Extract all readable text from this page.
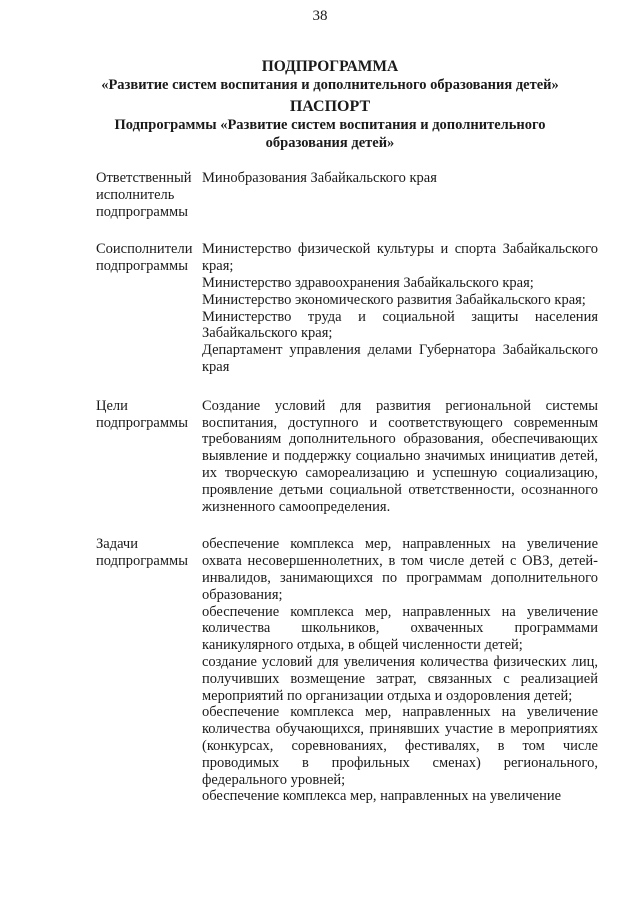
38
ПОДПРОГРАММА
«Развитие систем воспитания и дополнительного образования детей»
ПАСПОРТ
Подпрограммы «Развитие систем воспитания и дополнительного
образования детей»
Ответственный
исполнитель
подпрограммы

Минобразования Забайкальского края

Соисполнители
подпрограммы

Министерство физической культуры и спорта Забайкальского края;

Министерство здравоохранения Забайкальского края;

Министерство экономического развития Забайкальского края;

Министерство труда и социальной защиты населения Забайкальского края;

Департамент управления делами Губернатора Забайкальского края

Цели
подпрограммы

Создание условий для развития региональной системы воспитания, доступного и соответствующего современным требованиям дополнительного образования, обеспечивающих выявление и поддержку социально значимых инициатив детей, их творческую самореализацию и успешную социализацию, проявление детьми социальной ответственности, осознанного жизненного самоопределения.

Задачи
подпрограммы

обеспечение комплекса мер, направленных на увеличение охвата несовершеннолетних, в том числе детей с ОВЗ, детей-инвалидов, занимающихся по программам дополнительного образования;

обеспечение комплекса мер, направленных на увеличение количества школьников, охваченных программами каникулярного отдыха, в общей численности детей;

создание условий для увеличения количества физических лиц, получивших возмещение затрат, связанных с реализацией мероприятий по организации отдыха и оздоровления детей;

обеспечение комплекса мер, направленных на увеличение количества обучающихся, принявших участие в мероприятиях (конкурсах, соревнованиях, фестивалях, в том числе проводимых в профильных сменах) регионального, федерального уровней;

обеспечение комплекса мер, направленных на увеличение
